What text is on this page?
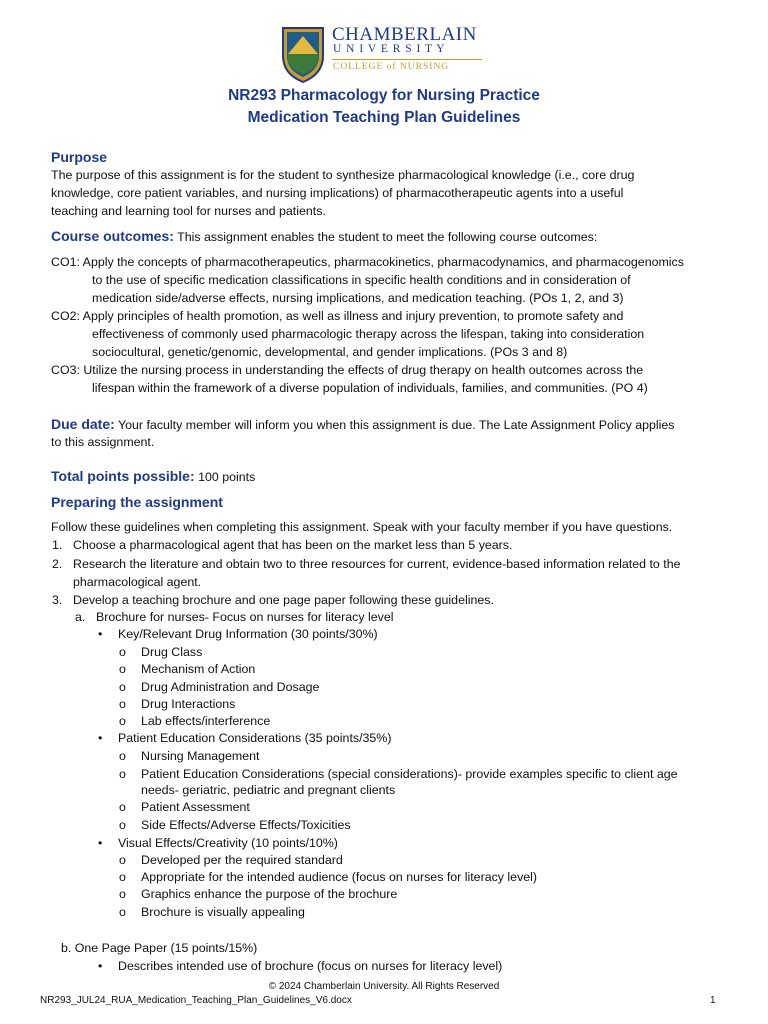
CHAMBERLAIN
U N I V E R S I T Y
COLLEGE of NURSING
NR293 Pharmacology for Nursing Practice
Medication Teaching Plan Guidelines
Purpose
The purpose of this assignment is for the student to synthesize pharmacological knowledge (i.e., core drug
knowledge, core patient variables, and nursing implications) of pharmacotherapeutic agents into a useful
teaching and learning tool for nurses and patients.
Course outcomes: This assignment enables the student to meet the following course outcomes:
CO1: Apply the concepts of pharmacotherapeutics, pharmacokinetics, pharmacodynamics, and pharmacogenomics
to the use of specific medication classifications in specific health conditions and in consideration of
medication side/adverse effects, nursing implications, and medication teaching. (POs 1, 2, and 3)
CO2: Apply principles of health promotion, as well as illness and injury prevention, to promote safety and
effectiveness of commonly used pharmacologic therapy across the lifespan, taking into consideration
sociocultural, genetic/genomic, developmental, and gender implications. (POs 3 and 8)
CO3: Utilize the nursing process in understanding the effects of drug therapy on health outcomes across the
lifespan within the framework of a diverse population of individuals, families, and communities. (PO 4)
Due date: Your faculty member will inform you when this assignment is due. The Late Assignment Policy applies
to this assignment.
Total points possible: 100 points
Preparing the assignment
Follow these guidelines when completing this assignment. Speak with your faculty member if you have questions.
1. Choose a pharmacological agent that has been on the market less than 5 years.
2. Research the literature and obtain two to three resources for current, evidence-based information related to the
pharmacological agent.
3. Develop a teaching brochure and one page paper following these guidelines.
a. Brochure for nurses- Focus on nurses for literacy level
• Key/Relevant Drug Information (30 points/30%)
o Drug Class
o Mechanism of Action
o Drug Administration and Dosage
o Drug Interactions
o Lab effects/interference
• Patient Education Considerations (35 points/35%)
o Nursing Management
o Patient Education Considerations (special considerations)- provide examples specific to client age
needs- geriatric, pediatric and pregnant clients
o Patient Assessment
o Side Effects/Adverse Effects/Toxicities
• Visual Effects/Creativity (10 points/10%)
o Developed per the required standard
o Appropriate for the intended audience (focus on nurses for literacy level)
o Graphics enhance the purpose of the brochure
o Brochure is visually appealing
b. One Page Paper (15 points/15%)
• Describes intended use of brochure (focus on nurses for literacy level)
© 2024 Chamberlain University. All Rights Reserved
NR293_JUL24_RUA_Medication_Teaching_Plan_Guidelines_V6.docx	1
